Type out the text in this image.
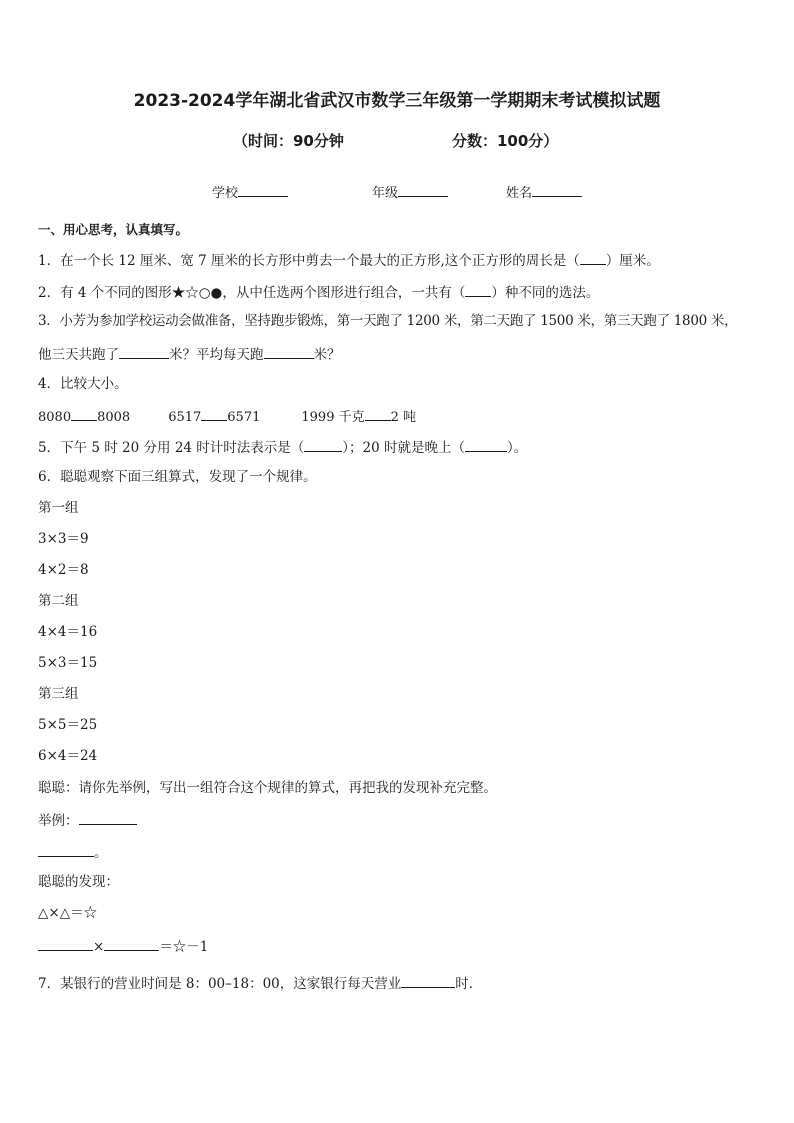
2023-2024学年湖北省武汉市数学三年级第一学期期末考试模拟试题
（时间：90分钟	分数：100分）
学校	年级	姓名
一、用心思考，认真填写。
1．在一个长 12 厘米、宽 7 厘米的长方形中剪去一个最大的正方形,这个正方形的周长是（ ）厘米。
2．有 4 个不同的图形★☆○●，从中任选两个图形进行组合，一共有（ ）种不同的选法。
3．小芳为参加学校运动会做准备，坚持跑步锻炼，第一天跑了 1200 米，第二天跑了 1500 米，第三天跑了 1800 米，
他三天共跑了	米？平均每天跑	米？
4．比较大小。
8080 8008	6517 6571	1999 千克 2 吨
5．下午 5 时 20 分用 24 时计时法表示是（	）；20 时就是晚上（	）。
6．聪聪观察下面三组算式，发现了一个规律。
第一组
3×3＝9
4×2＝8
第二组
4×4＝16
5×3＝15
第三组
5×5＝25
6×4＝24
聪聪：请你先举例，写出一组符合这个规律的算式，再把我的发现补充完整。
举例：
。
聪聪的发现：
△×△＝☆
×	＝☆－1
7．某银行的营业时间是 8：00–18：00，这家银行每天营业	时．
